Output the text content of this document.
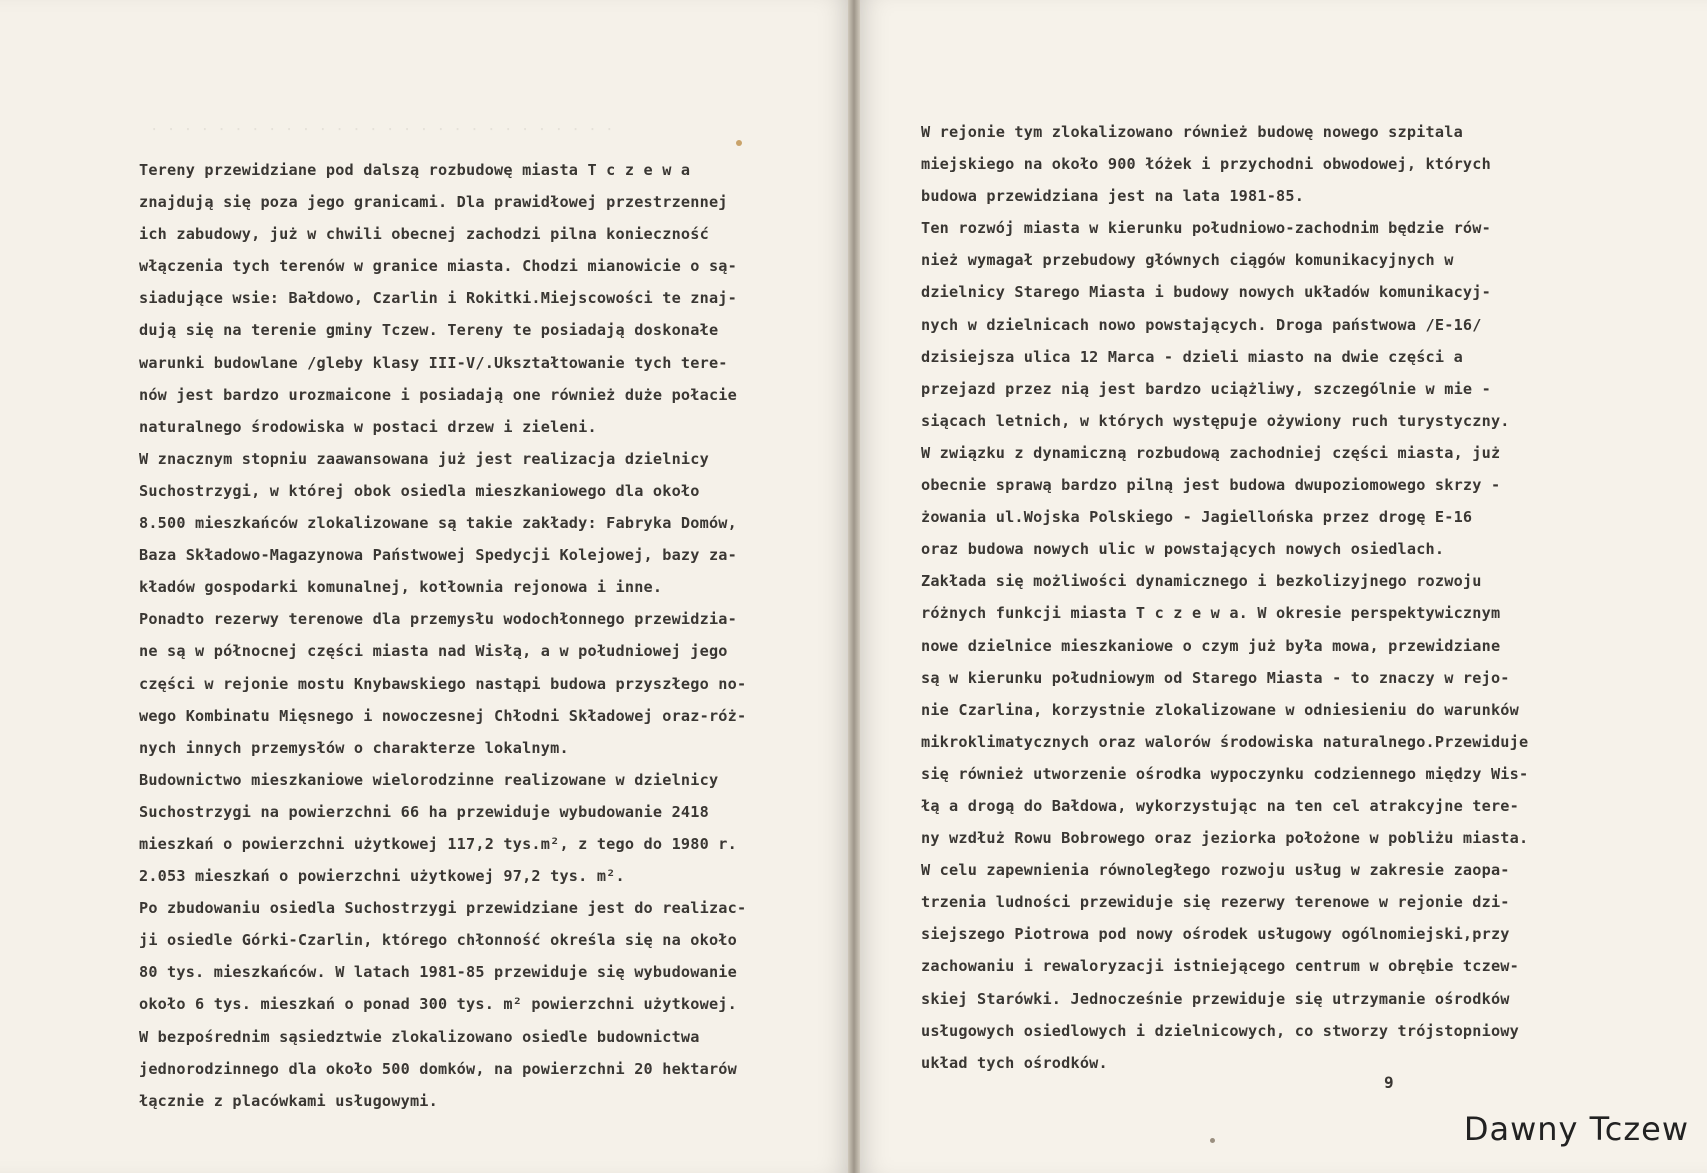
· · · · · · · · · · · · · · · · · · · · · · · · · · · ·
Tereny przewidziane pod dalszą rozbudowę miasta T c z e w a
znajdują się poza jego granicami. Dla prawidłowej przestrzennej
ich zabudowy, już w chwili obecnej zachodzi pilna konieczność
włączenia tych terenów w granice miasta. Chodzi mianowicie o są-
siadujące wsie: Bałdowo, Czarlin i Rokitki.Miejscowości te znaj-
dują się na terenie gminy Tczew. Tereny te posiadają doskonałe
warunki budowlane /gleby klasy III-V/.Ukształtowanie tych tere-
nów jest bardzo urozmaicone i posiadają one również duże połacie
naturalnego środowiska w postaci drzew i zieleni.
W znacznym stopniu zaawansowana już jest realizacja dzielnicy
Suchostrzygi, w której obok osiedla mieszkaniowego dla około
8.500 mieszkańców zlokalizowane są takie zakłady: Fabryka Domów,
Baza Składowo-Magazynowa Państwowej Spedycji Kolejowej, bazy za-
kładów gospodarki komunalnej, kotłownia rejonowa i inne.
Ponadto rezerwy terenowe dla przemysłu wodochłonnego przewidzia-
ne są w północnej części miasta nad Wisłą, a w południowej jego
części w rejonie mostu Knybawskiego nastąpi budowa przyszłego no-
wego Kombinatu Mięsnego i nowoczesnej Chłodni Składowej oraz-róż-
nych innych przemysłów o charakterze lokalnym.
Budownictwo mieszkaniowe wielorodzinne realizowane w dzielnicy
Suchostrzygi na powierzchni 66 ha przewiduje wybudowanie 2418
mieszkań o powierzchni użytkowej 117,2 tys.m², z tego do 1980 r.
2.053 mieszkań o powierzchni użytkowej 97,2 tys. m².
Po zbudowaniu osiedla Suchostrzygi przewidziane jest do realizac-
ji osiedle Górki-Czarlin, którego chłonność określa się na około
80 tys. mieszkańców. W latach 1981-85 przewiduje się wybudowanie
około 6 tys. mieszkań o ponad 300 tys. m² powierzchni użytkowej.
W bezpośrednim sąsiedztwie zlokalizowano osiedle budownictwa
jednorodzinnego dla około 500 domków, na powierzchni 20 hektarów
łącznie z placówkami usługowymi.
W rejonie tym zlokalizowano również budowę nowego szpitala
miejskiego na około 900 łóżek i przychodni obwodowej, których
budowa przewidziana jest na lata 1981-85.
Ten rozwój miasta w kierunku południowo-zachodnim będzie rów-
nież wymagał przebudowy głównych ciągów komunikacyjnych w
dzielnicy Starego Miasta i budowy nowych układów komunikacyj-
nych w dzielnicach nowo powstających. Droga państwowa /E-16/
dzisiejsza ulica 12 Marca - dzieli miasto na dwie części a
przejazd przez nią jest bardzo uciążliwy, szczególnie w mie -
siącach letnich, w których występuje ożywiony ruch turystyczny.
W związku z dynamiczną rozbudową zachodniej części miasta, już
obecnie sprawą bardzo pilną jest budowa dwupoziomowego skrzy -
żowania ul.Wojska Polskiego - Jagiellońska przez drogę E-16
oraz budowa nowych ulic w powstających nowych osiedlach.
Zakłada się możliwości dynamicznego i bezkolizyjnego rozwoju
różnych funkcji miasta T c z e w a. W okresie perspektywicznym
nowe dzielnice mieszkaniowe o czym już była mowa, przewidziane
są w kierunku południowym od Starego Miasta - to znaczy w rejo-
nie Czarlina, korzystnie zlokalizowane w odniesieniu do warunków
mikroklimatycznych oraz walorów środowiska naturalnego.Przewiduje
się również utworzenie ośrodka wypoczynku codziennego między Wis-
łą a drogą do Bałdowa, wykorzystując na ten cel atrakcyjne tere-
ny wzdłuż Rowu Bobrowego oraz jeziorka położone w pobliżu miasta.
W celu zapewnienia równoległego rozwoju usług w zakresie zaopa-
trzenia ludności przewiduje się rezerwy terenowe w rejonie dzi-
siejszego Piotrowa pod nowy ośrodek usługowy ogólnomiejski,przy
zachowaniu i rewaloryzacji istniejącego centrum w obrębie tczew-
skiej Starówki. Jednocześnie przewiduje się utrzymanie ośrodków
usługowych osiedlowych i dzielnicowych, co stworzy trójstopniowy
układ tych ośrodków.
9
Dawny Tczew
